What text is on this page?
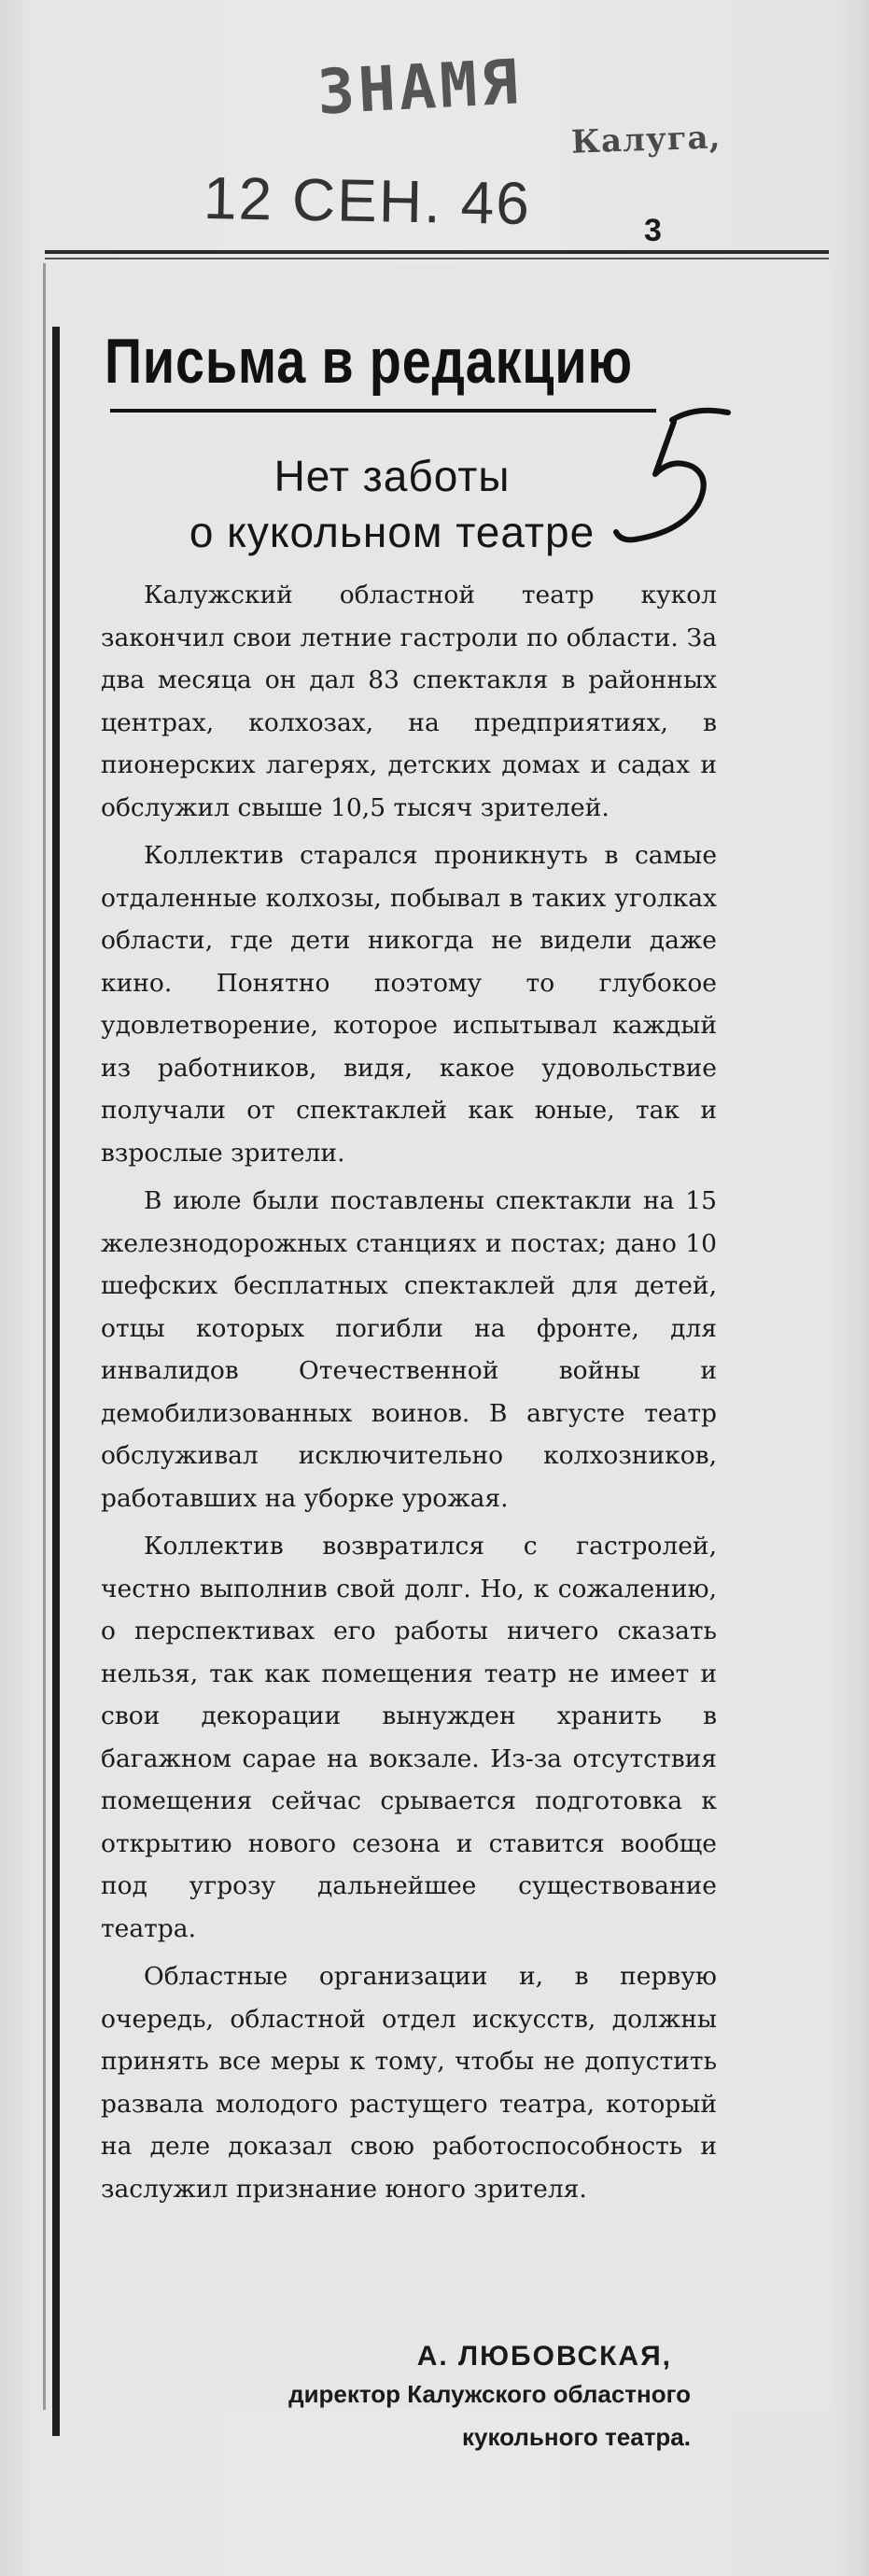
ЗНАМЯ
Калуга,
12 СЕН. 46	3
Письма в редакцию
Нет заботы
о кукольном театре

Калужский областной театр кукол закончил свои летние гастроли по области. За два месяца он дал 83 спектакля в районных центрах, колхозах, на предприятиях, в пионерских лагерях, детских домах и садах и обслужил свыше 10,5 тысяч зрителей.

Коллектив старался проникнуть в самые отдаленные колхозы, побывал в таких уголках области, где дети никогда не видели даже кино. Понятно поэтому то глубокое удовлетворение, которое испытывал каждый из работников, видя, какое удовольствие получали от спектаклей как юные, так и взрослые зрители.

В июле были поставлены спектакли на 15 железнодорожных станциях и постах; дано 10 шефских бесплатных спектаклей для детей, отцы которых погибли на фронте, для инвалидов Отечественной войны и демобилизованных воинов. В августе театр обслуживал исключительно колхозников, работавших на уборке урожая.

Коллектив возвратился с гастролей, честно выполнив свой долг. Но, к сожалению, о перспективах его работы ничего сказать нельзя, так как помещения театр не имеет и свои декорации вынужден хранить в багажном сарае на вокзале. Из-за отсутствия помещения сейчас срывается подготовка к открытию нового сезона и ставится вообще под угрозу дальнейшее существование театра.

Областные организации и, в первую очередь, областной отдел искусств, должны принять все меры к тому, чтобы не допустить развала молодого растущего театра, который на деле доказал свою работоспособность и заслужил признание юного зрителя.

А. ЛЮБОВСКАЯ,
директор Калужского областного
кукольного театра.
